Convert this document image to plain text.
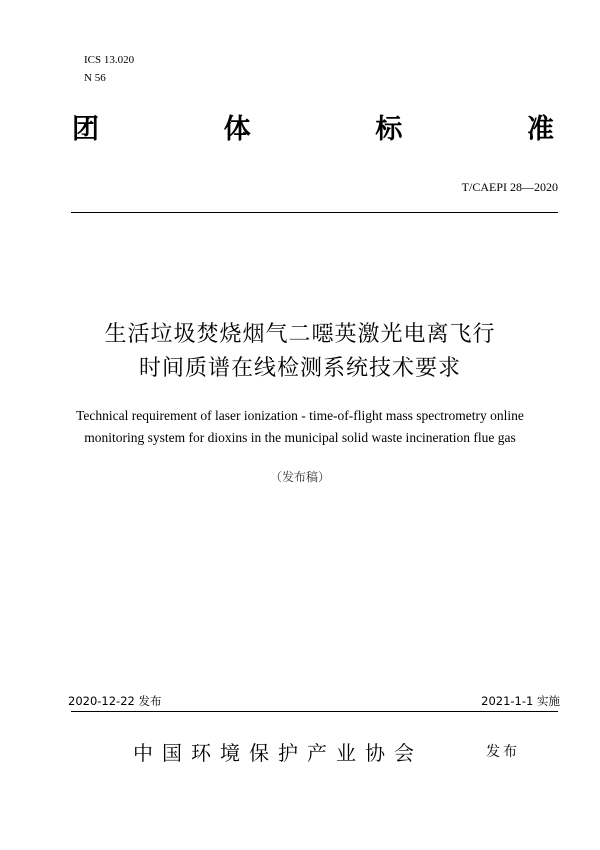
ICS 13.020
N 56
团	体	标	准
T/CAEPI 28—2020
生活垃圾焚烧烟气二噁英激光电离飞行
时间质谱在线检测系统技术要求
Technical requirement of laser ionization - time-of-flight mass spectrometry online
monitoring system for dioxins in the municipal solid waste incineration flue gas
（发布稿）
2020-12-22 发布	2021-1-1 实施
中国环境保护产业协会	发布
